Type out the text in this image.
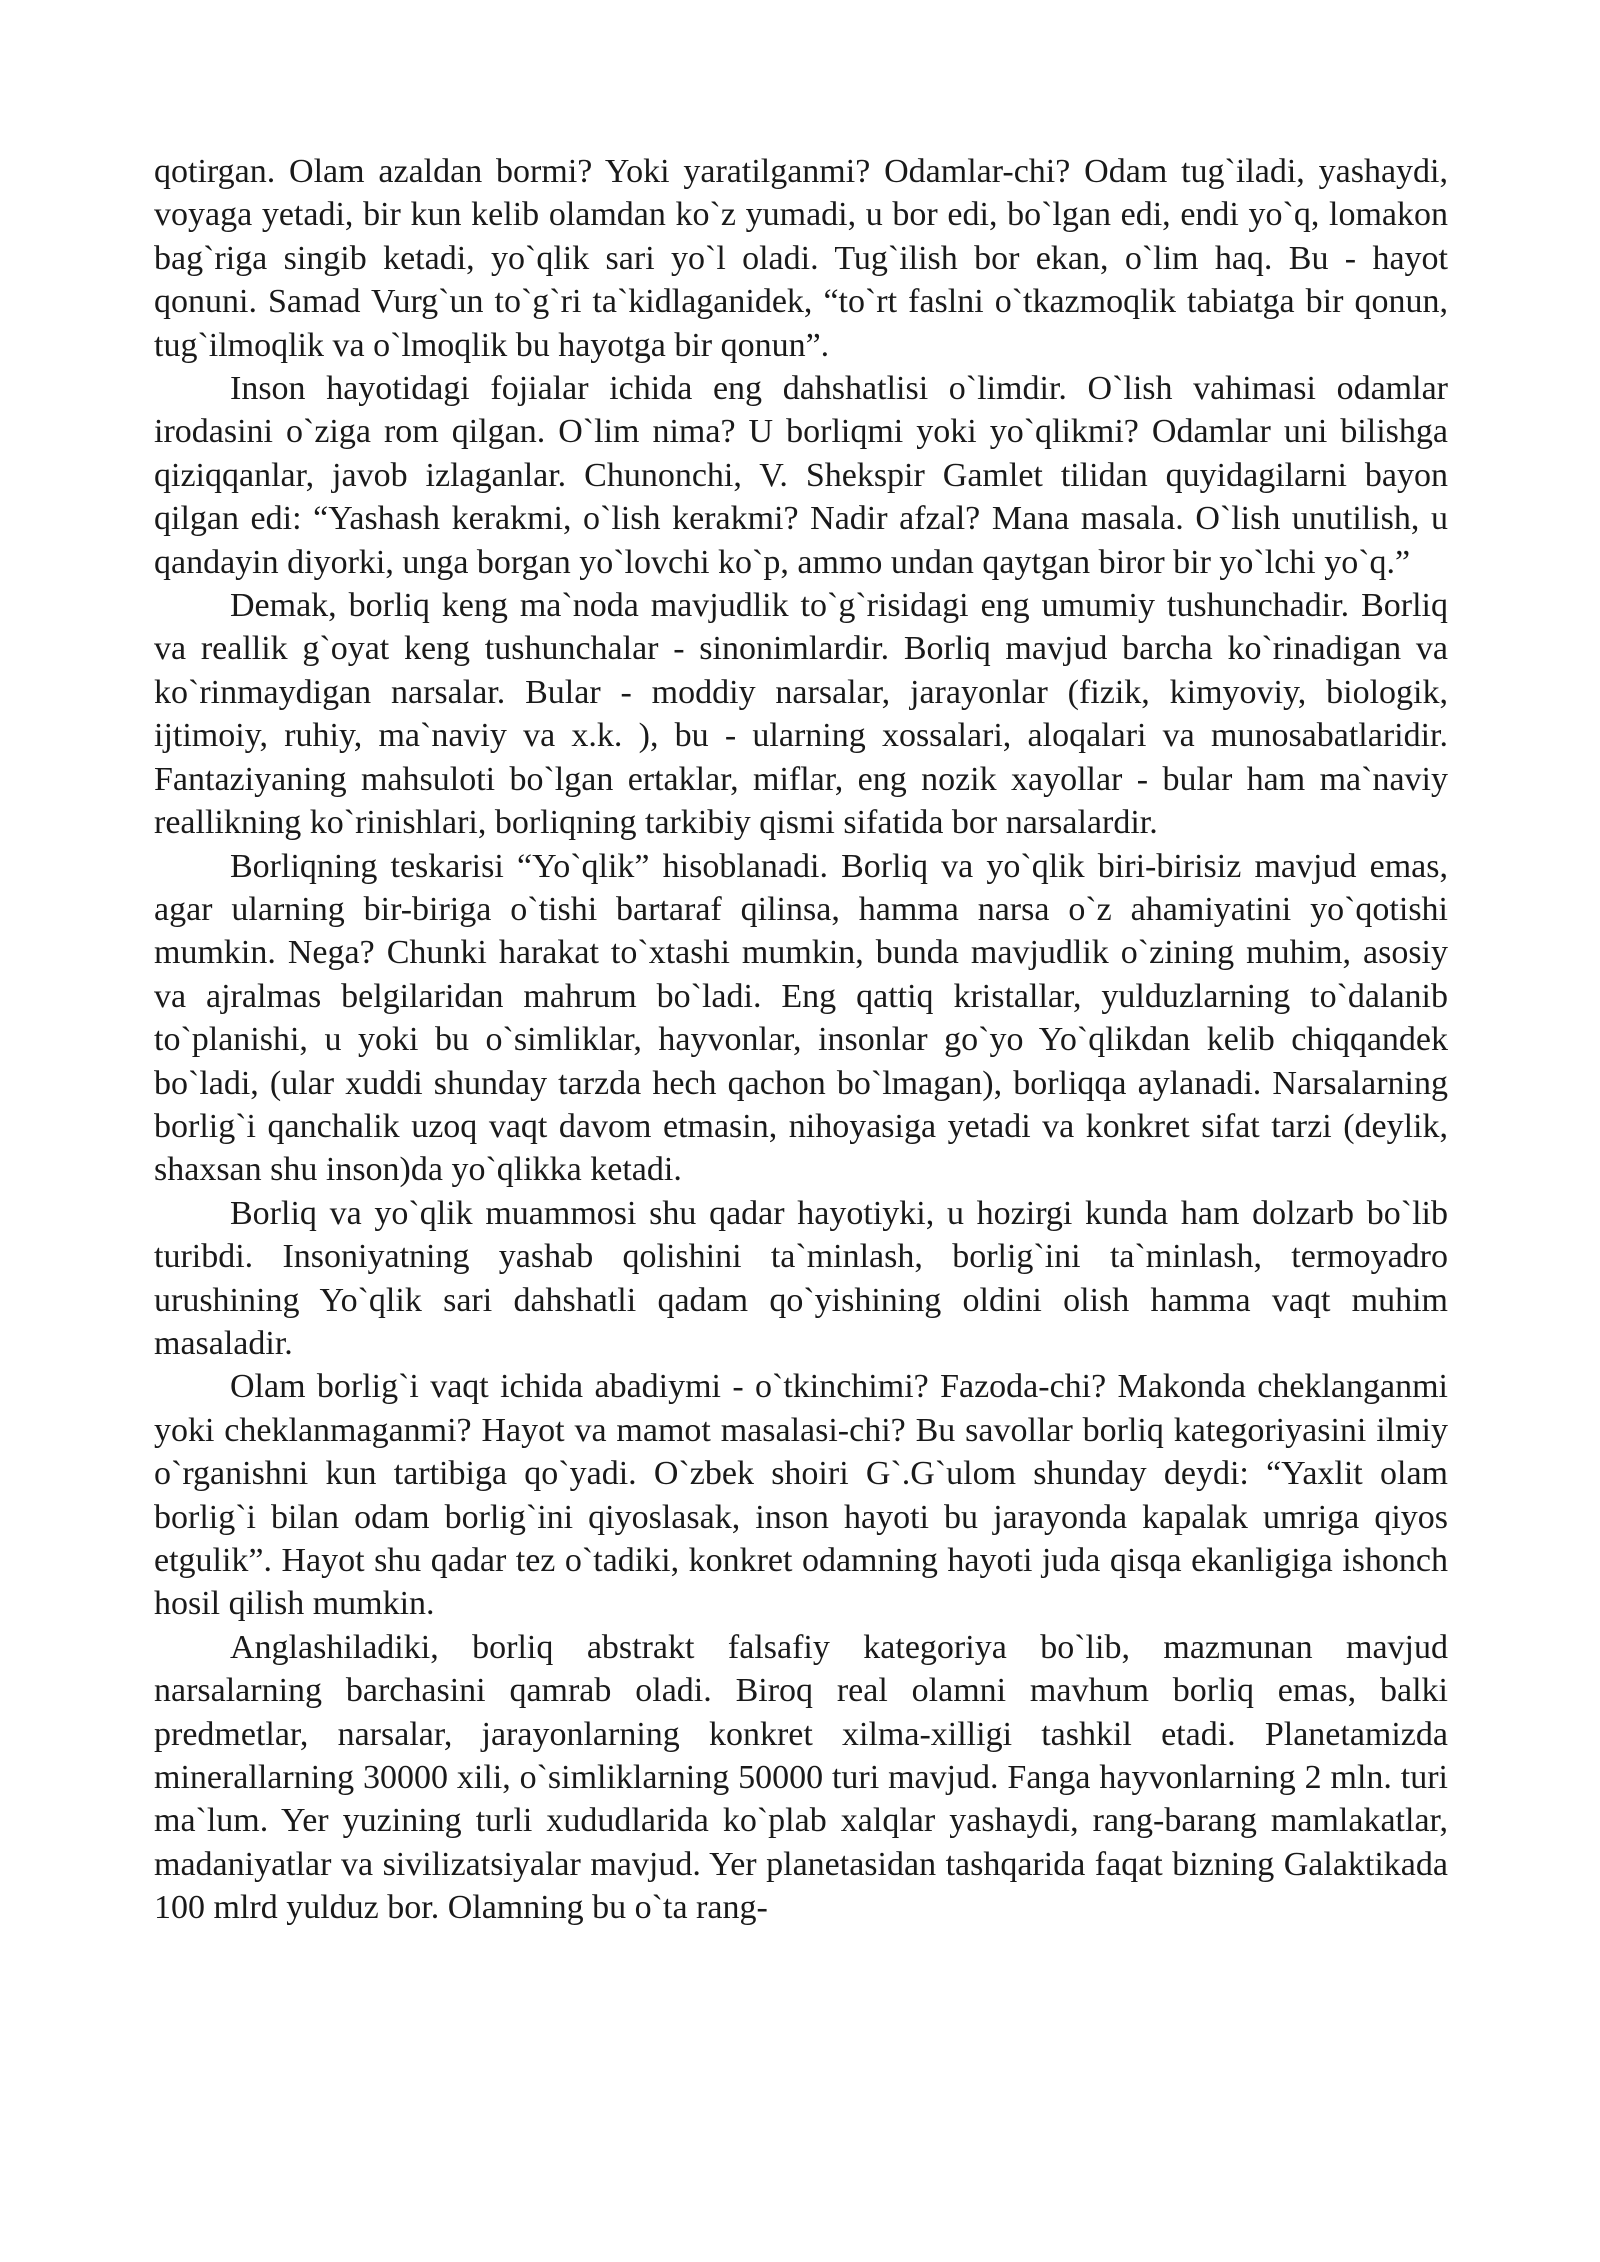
qotirgan. Olam azaldan bormi? Yoki yaratilganmi? Odamlar-chi? Odam tug`iladi, yashaydi, voyaga yetadi, bir kun kelib olamdan ko`z yumadi, u bor edi, bo`lgan edi, endi yo`q, lomakon bag`riga singib ketadi, yo`qlik sari yo`l oladi. Tug`ilish bor ekan, o`lim haq. Bu - hayot qonuni. Samad Vurg`un to`g`ri ta`kidlaganidek, “to`rt faslni o`tkazmoqlik tabiatga bir qonun, tug`ilmoqlik va o`lmoqlik bu hayotga bir qonun”.

Inson hayotidagi fojialar ichida eng dahshatlisi o`limdir. O`lish vahimasi odamlar irodasini o`ziga rom qilgan. O`lim nima? U borliqmi yoki yo`qlikmi? Odamlar uni bilishga qiziqqanlar, javob izlaganlar. Chunonchi, V. Shekspir Gamlet tilidan quyidagilarni bayon qilgan edi: “Yashash kerakmi, o`lish kerakmi? Nadir afzal? Mana masala. O`lish unutilish, u qandayin diyorki, unga borgan yo`lovchi ko`p, ammo undan qaytgan biror bir yo`lchi yo`q.”

Demak, borliq keng ma`noda mavjudlik to`g`risidagi eng umumiy tushunchadir. Borliq va reallik g`oyat keng tushunchalar - sinonimlardir. Borliq mavjud barcha ko`rinadigan va ko`rinmaydigan narsalar. Bular - moddiy narsalar, jarayonlar (fizik, kimyoviy, biologik, ijtimoiy, ruhiy, ma`naviy va x.k. ), bu - ularning xossalari, aloqalari va munosabatlaridir. Fantaziyaning mahsuloti bo`lgan ertaklar, miflar, eng nozik xayollar - bular ham ma`naviy reallikning ko`rinishlari, borliqning tarkibiy qismi sifatida bor narsalardir.

Borliqning teskarisi “Yo`qlik” hisoblanadi. Borliq va yo`qlik biri-birisiz mavjud emas, agar ularning bir-biriga o`tishi bartaraf qilinsa, hamma narsa o`z ahamiyatini yo`qotishi mumkin. Nega? Chunki harakat to`xtashi mumkin, bunda mavjudlik o`zining muhim, asosiy va ajralmas belgilaridan mahrum bo`ladi. Eng qattiq kristallar, yulduzlarning to`dalanib to`planishi, u yoki bu o`simliklar, hayvonlar, insonlar go`yo Yo`qlikdan kelib chiqqandek bo`ladi, (ular xuddi shunday tarzda hech qachon bo`lmagan), borliqqa aylanadi. Narsalarning borlig`i qanchalik uzoq vaqt davom etmasin, nihoyasiga yetadi va konkret sifat tarzi (deylik, shaxsan shu inson)da yo`qlikka ketadi.

Borliq va yo`qlik muammosi shu qadar hayotiyki, u hozirgi kunda ham dolzarb bo`lib turibdi. Insoniyatning yashab qolishini ta`minlash, borlig`ini ta`minlash, termoyadro urushining Yo`qlik sari dahshatli qadam qo`yishining oldini olish hamma vaqt muhim masaladir.

Olam borlig`i vaqt ichida abadiymi - o`tkinchimi? Fazoda-chi? Makonda cheklanganmi yoki cheklanmaganmi? Hayot va mamot masalasi-chi? Bu savollar borliq kategoriyasini ilmiy o`rganishni kun tartibiga qo`yadi. O`zbek shoiri G`.G`ulom shunday deydi: “Yaxlit olam borlig`i bilan odam borlig`ini qiyoslasak, inson hayoti bu jarayonda kapalak umriga qiyos etgulik”. Hayot shu qadar tez o`tadiki, konkret odamning hayoti juda qisqa ekanligiga ishonch hosil qilish mumkin.

Anglashiladiki, borliq abstrakt falsafiy kategoriya bo`lib, mazmunan mavjud narsalarning barchasini qamrab oladi. Biroq real olamni mavhum borliq emas, balki predmetlar, narsalar, jarayonlarning konkret xilma-xilligi tashkil etadi. Planetamizda minerallarning 30000 xili, o`simliklarning 50000 turi mavjud. Fanga hayvonlarning 2 mln. turi ma`lum. Yer yuzining turli xududlarida ko`plab xalqlar yashaydi, rang-barang mamlakatlar, madaniyatlar va sivilizatsiyalar mavjud. Yer planetasidan tashqarida faqat bizning Galaktikada 100 mlrd yulduz bor. Olamning bu o`ta rang-
